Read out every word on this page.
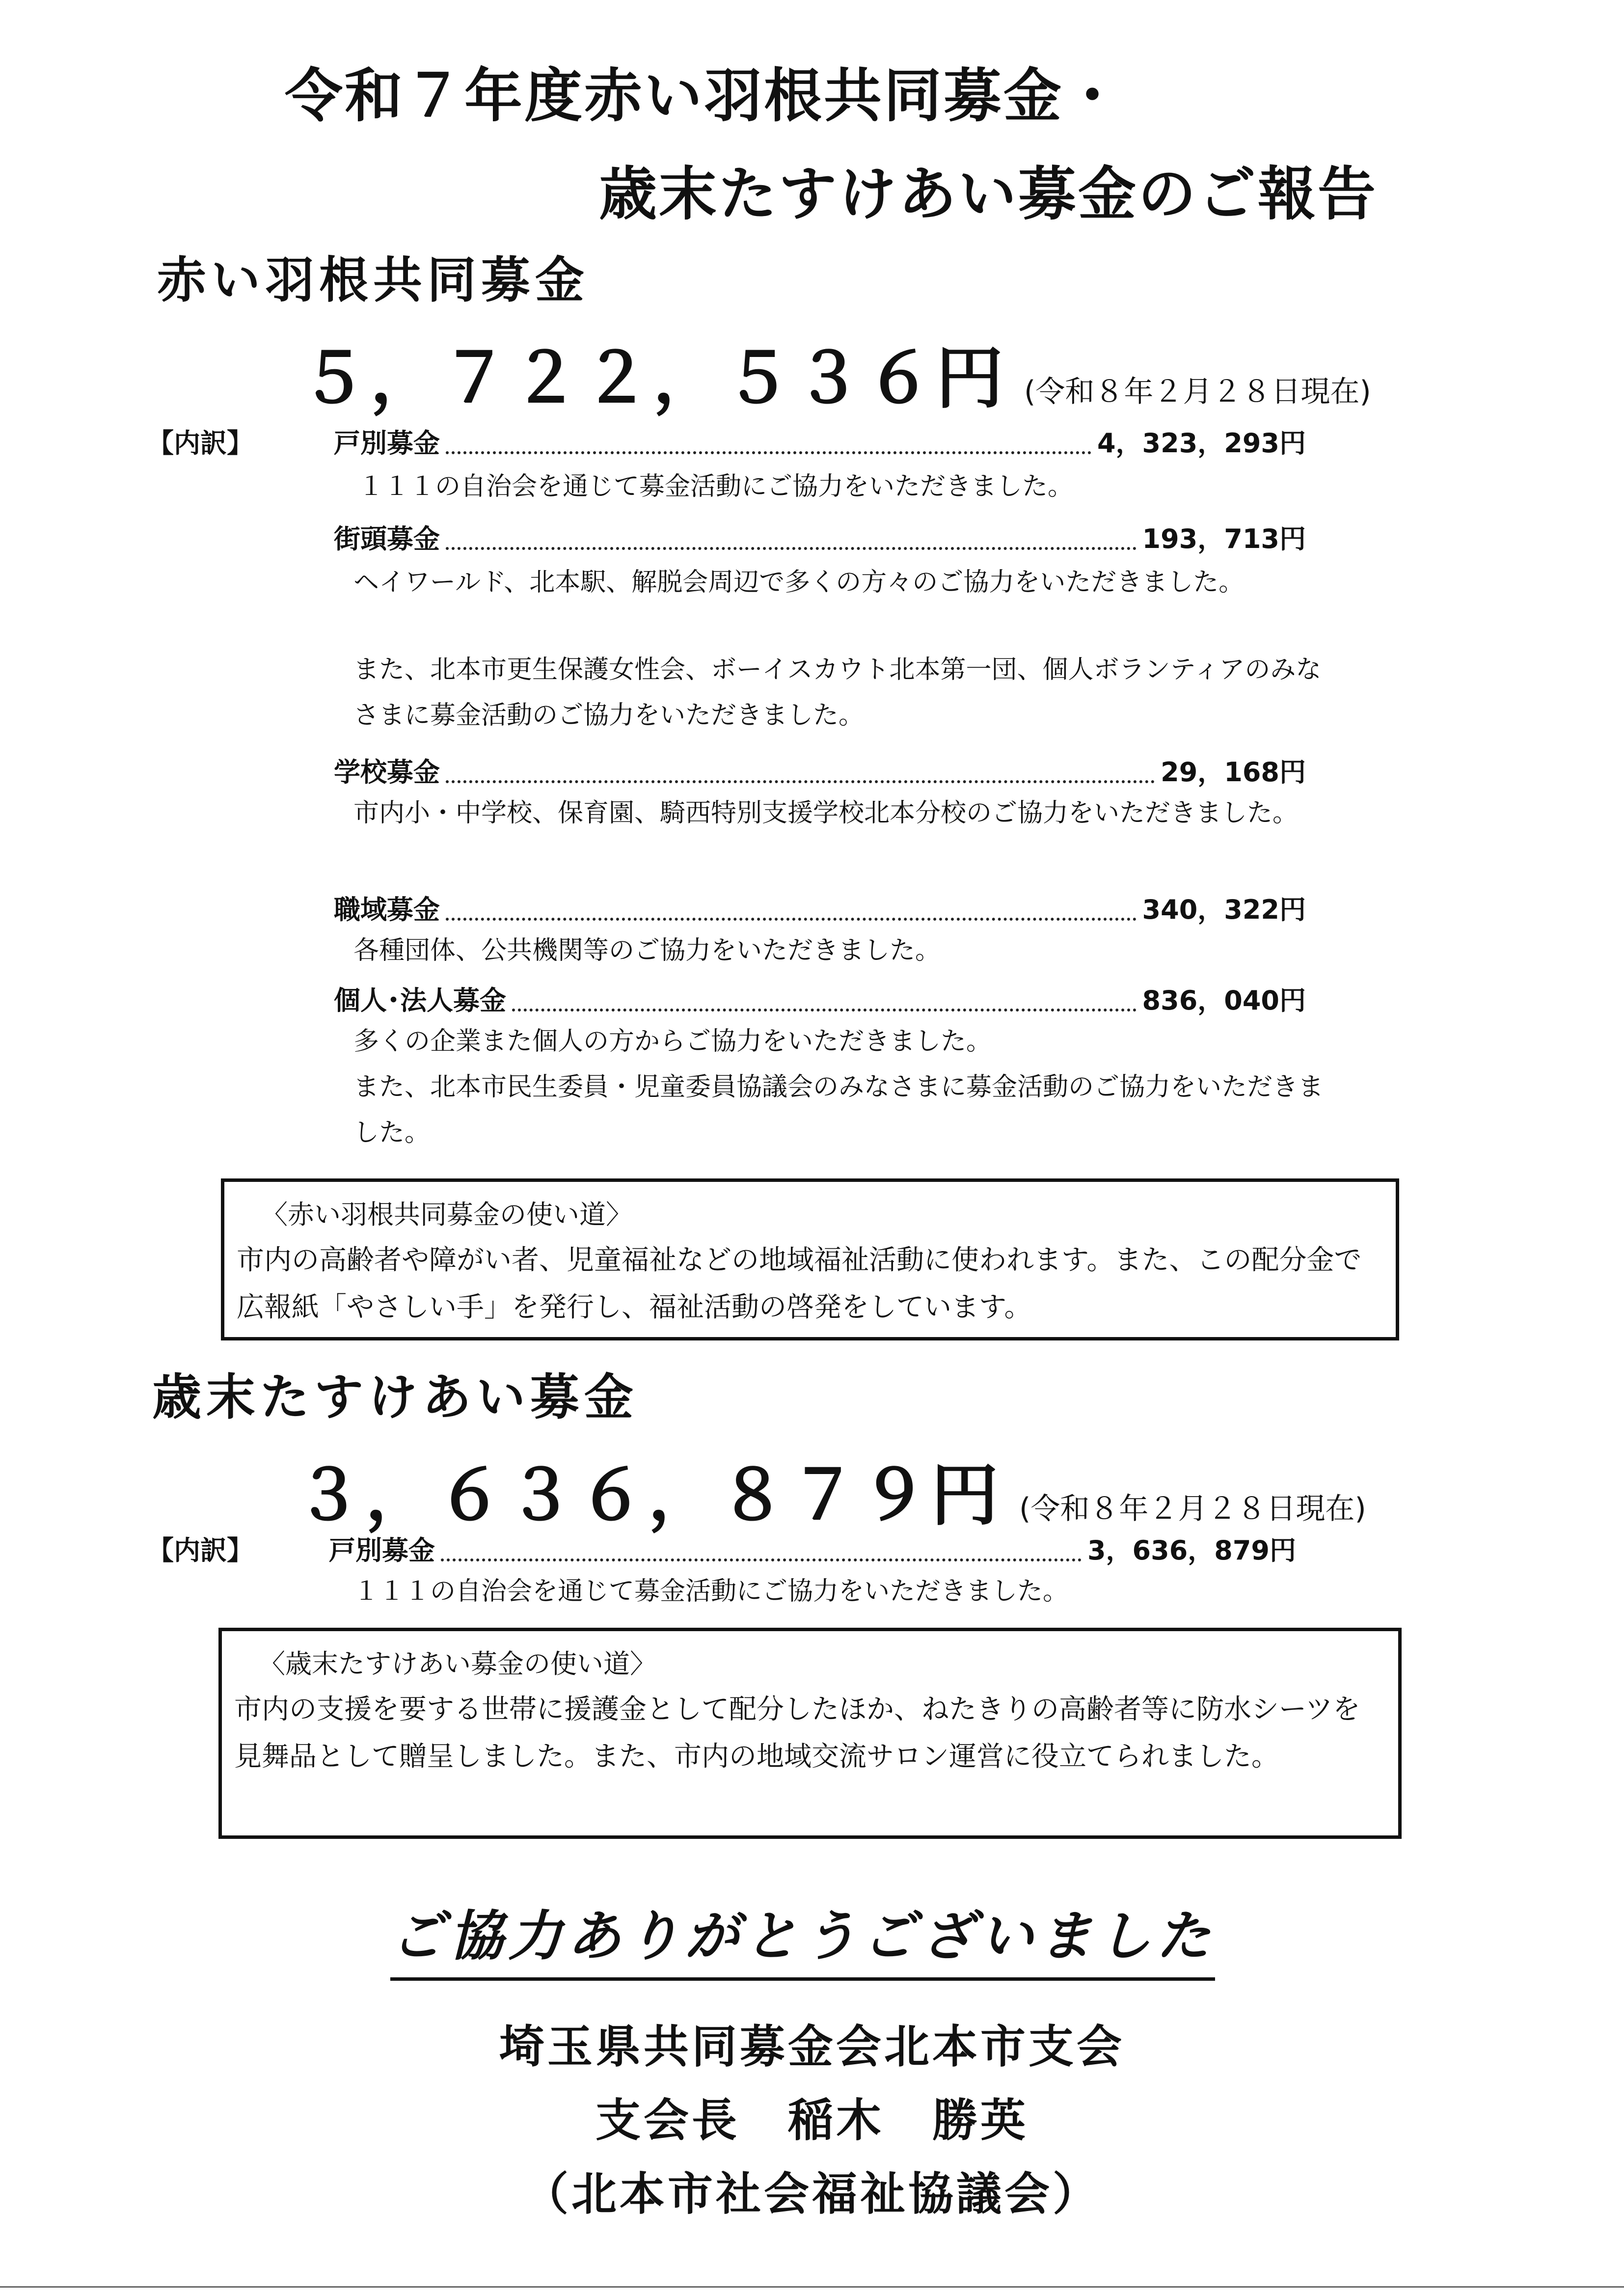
令和７年度赤い羽根共同募金・
歳末たすけあい募金のご報告
赤い羽根共同募金
５，７２２，５３６円 (令和８年２月２８日現在)
【内訳】	戸別募金	4，323，293円
１１１の自治会を通じて募金活動にご協力をいただきました。
街頭募金	193，713円
ヘイワールド、北本駅、解脱会周辺で多くの方々のご協力をいただきました。
また、北本市更生保護女性会、ボーイスカウト北本第一団、個人ボランティアのみなさまに募金活動のご協力をいただきました。
学校募金	29，168円
市内小・中学校、保育園、騎西特別支援学校北本分校のご協力をいただきました。
職域募金	340，322円
各種団体、公共機関等のご協力をいただきました。
個人･法人募金	836，040円
多くの企業また個人の方からご協力をいただきました。
また、北本市民生委員・児童委員協議会のみなさまに募金活動のご協力をいただきました。
〈赤い羽根共同募金の使い道〉
市内の高齢者や障がい者、児童福祉などの地域福祉活動に使われます。また、この配分金で広報紙「やさしい手」を発行し、福祉活動の啓発をしています。
歳末たすけあい募金
３，６３６，８７９円 (令和８年２月２８日現在)
【内訳】	戸別募金	3，636，879円
１１１の自治会を通じて募金活動にご協力をいただきました。
〈歳末たすけあい募金の使い道〉
市内の支援を要する世帯に援護金として配分したほか、ねたきりの高齢者等に防水シーツを見舞品として贈呈しました。また、市内の地域交流サロン運営に役立てられました。
ご協力ありがとうございました
埼玉県共同募金会北本市支会
支会長　稲木　勝英
（北本市社会福祉協議会）
